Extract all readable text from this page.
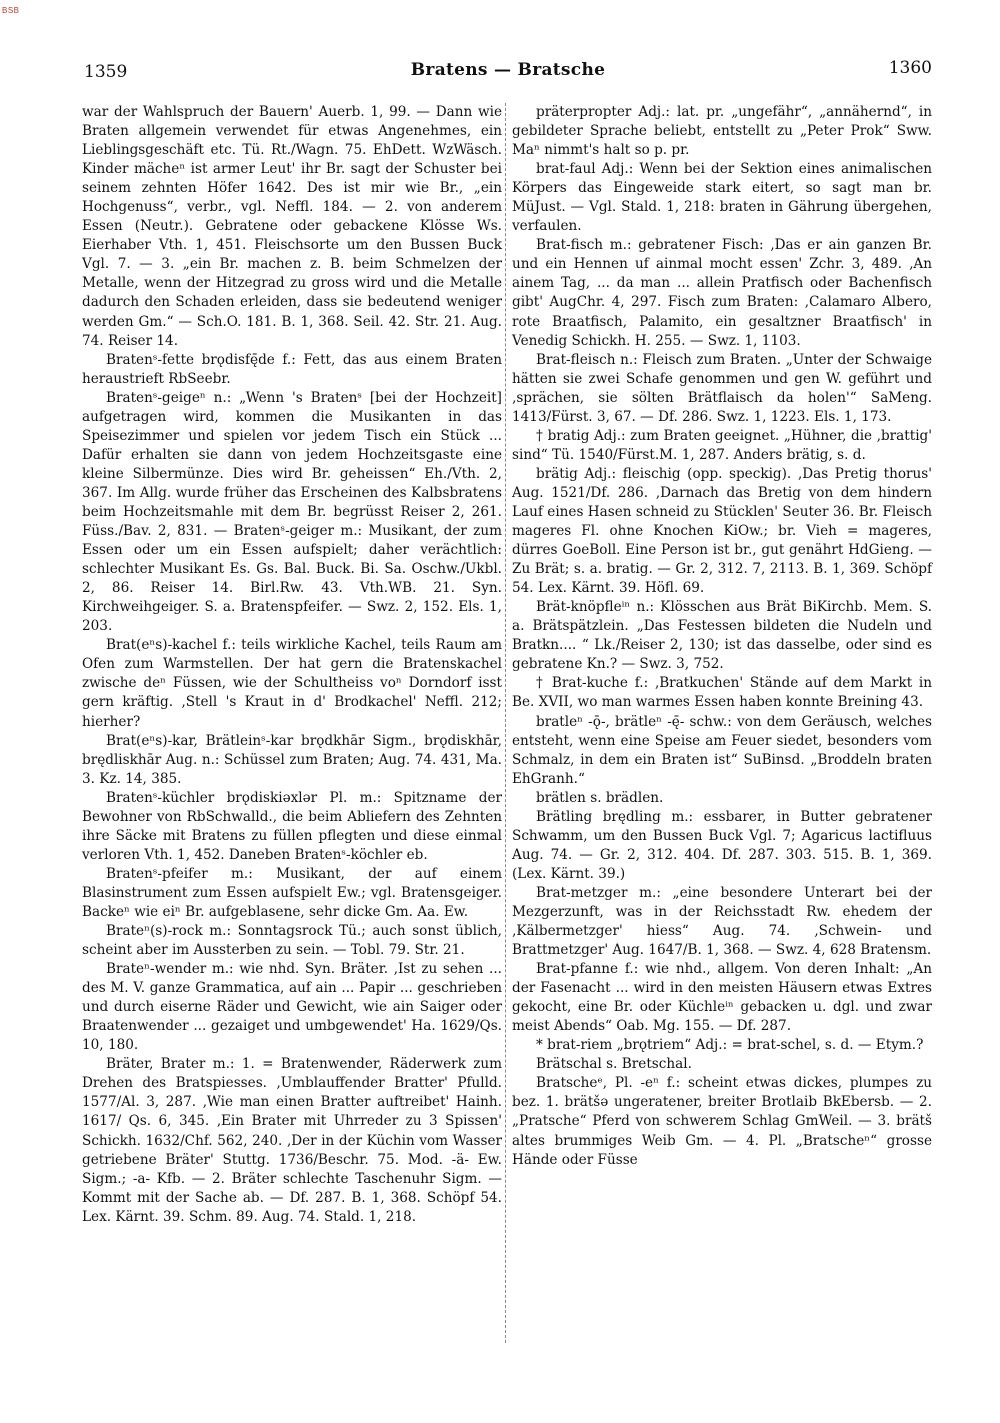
BSB
1359	Bratens — Bratsche	1360

war der Wahlspruch der Bauern' Auerb. 1, 99. — Dann wie Braten allgemein verwendet für etwas Angenehmes, ein Lieblingsgeschäft etc. Tü. Rt./Wagn. 75. EhDett. WzWäsch. Kinder mächeⁿ ist armer Leut' ihr Br. sagt der Schuster bei seinem zehnten Höfer 1642. Des ist mir wie Br., „ein Hochgenuss“, verbr., vgl. Neffl. 184. — 2. von anderem Essen (Neutr.). Gebratene oder gebackene Klösse Ws. Eierhaber Vth. 1, 451. Fleischsorte um den Bussen Buck Vgl. 7. — 3. „ein Br. machen z. B. beim Schmelzen der Metalle, wenn der Hitzegrad zu gross wird und die Metalle dadurch den Schaden erleiden, dass sie bedeutend weniger werden Gm.“ — Sch.O. 181. B. 1, 368. Seil. 42. Str. 21. Aug. 74. Reiser 14.

Bratenˢ-fette brǫdisfę̄de f.: Fett, das aus einem Braten heraustrieft RbSeebr.

Bratenˢ-geigeⁿ n.: „Wenn 's Bratenˢ [bei der Hochzeit] aufgetragen wird, kommen die Musikanten in das Speisezimmer und spielen vor jedem Tisch ein Stück ... Dafür erhalten sie dann von jedem Hochzeitsgaste eine kleine Silbermünze. Dies wird Br. geheissen“ Eh./Vth. 2, 367. Im Allg. wurde früher das Erscheinen des Kalbsbratens beim Hochzeitsmahle mit dem Br. begrüsst Reiser 2, 261. Füss./Bav. 2, 831. — Bratenˢ-geiger m.: Musikant, der zum Essen oder um ein Essen aufspielt; daher verächtlich: schlechter Musikant Es. Gs. Bal. Buck. Bi. Sa. Oschw./Ukbl. 2, 86. Reiser 14. Birl.Rw. 43. Vth.WB. 21. Syn. Kirchweihgeiger. S. a. Bratenspfeifer. — Swz. 2, 152. Els. 1, 203.

Brat(eⁿs)-kachel f.: teils wirkliche Kachel, teils Raum am Ofen zum Warmstellen. Der hat gern die Bratenskachel zwische deⁿ Füssen, wie der Schultheiss voⁿ Dorndorf isst gern kräftig. ‚Stell 's Kraut in d' Brodkachel' Neffl. 212; hierher?

Brat(eⁿs)-kar, Brätleinˢ-kar brǫdkhār Sigm., brǫdiskhār, brędliskhār Aug. n.: Schüssel zum Braten; Aug. 74. 431, Ma. 3. Kz. 14, 385.

Bratenˢ-küchler brǫdiskiəxlər Pl. m.: Spitzname der Bewohner von RbSchwalld., die beim Abliefern des Zehnten ihre Säcke mit Bratens zu füllen pflegten und diese einmal verloren Vth. 1, 452. Daneben Bratenˢ-köchler eb.

Bratenˢ-pfeifer m.: Musikant, der auf einem Blasinstrument zum Essen aufspielt Ew.; vgl. Bratensgeiger. Backeⁿ wie eiⁿ Br. aufgeblasene, sehr dicke Gm. Aa. Ew.

Brateⁿ(s)-rock m.: Sonntagsrock Tü.; auch sonst üblich, scheint aber im Aussterben zu sein. — Tobl. 79. Str. 21.

Brateⁿ-wender m.: wie nhd. Syn. Bräter. ‚Ist zu sehen ... des M. V. ganze Grammatica, auf ain ... Papir ... geschrieben und durch eiserne Räder und Gewicht, wie ain Saiger oder Braatenwender ... gezaiget und umbgewendet' Ha. 1629/Qs. 10, 180.

Bräter, Brater m.: 1. = Bratenwender, Räderwerk zum Drehen des Bratspiesses. ‚Umblauffender Bratter' Pfulld. 1577/Al. 3, 287. ‚Wie man einen Bratter auftreibet' Hainh. 1617/ Qs. 6, 345. ‚Ein Brater mit Uhrreder zu 3 Spissen' Schickh. 1632/Chf. 562, 240. ‚Der in der Küchin vom Wasser getriebene Bräter' Stuttg. 1736/Beschr. 75. Mod. -ä- Ew. Sigm.; -a- Kfb. — 2. Bräter schlechte Taschenuhr Sigm. — Kommt mit der Sache ab. — Df. 287. B. 1, 368. Schöpf 54. Lex. Kärnt. 39. Schm. 89. Aug. 74. Stald. 1, 218.

präterpropter Adj.: lat. pr. „ungefähr“, „annähernd“, in gebildeter Sprache beliebt, entstellt zu „Peter Prok“ Sww. Maⁿ nimmt's halt so p. pr.

brat-faul Adj.: Wenn bei der Sektion eines animalischen Körpers das Eingeweide stark eitert, so sagt man br. MüJust. — Vgl. Stald. 1, 218: braten in Gährung übergehen, verfaulen.

Brat-fisch m.: gebratener Fisch: ‚Das er ain ganzen Br. und ein Hennen uf ainmal mocht essen' Zchr. 3, 489. ‚An ainem Tag, ... da man ... allein Pratfisch oder Bachenfisch gibt' AugChr. 4, 297. Fisch zum Braten: ‚Calamaro Albero, rote Braatfisch, Palamito, ein gesaltzner Braatfisch' in Venedig Schickh. H. 255. — Swz. 1, 1103.

Brat-fleisch n.: Fleisch zum Braten. „Unter der Schwaige hätten sie zwei Schafe genommen und gen W. geführt und ‚sprächen, sie sölten Brätflaisch da holen'“ SaMeng. 1413/Fürst. 3, 67. — Df. 286. Swz. 1, 1223. Els. 1, 173.

† bratig Adj.: zum Braten geeignet. „Hühner, die ‚brattig' sind“ Tü. 1540/Fürst.M. 1, 287. Anders brätig, s. d.

brätig Adj.: fleischig (opp. speckig). ‚Das Pretig thorus' Aug. 1521/Df. 286. ‚Darnach das Bretig von dem hindern Lauf eines Hasen schneid zu Stücklen' Seuter 36. Br. Fleisch mageres Fl. ohne Knochen KiOw.; br. Vieh = mageres, dürres GoeBoll. Eine Person ist br., gut genährt HdGieng. — Zu Brät; s. a. bratig. — Gr. 2, 312. 7, 2113. B. 1, 369. Schöpf 54. Lex. Kärnt. 39. Höfl. 69.

Brät-knöpfleⁱⁿ n.: Klösschen aus Brät BiKirchb. Mem. S. a. Brätspätzlein. „Das Festessen bildeten die Nudeln und Bratkn.... “ Lk./Reiser 2, 130; ist das dasselbe, oder sind es gebratene Kn.? — Swz. 3, 752.

† Brat-kuche f.: ‚Bratkuchen' Stände auf dem Markt in Be. XVII, wo man warmes Essen haben konnte Breining 43.

bratleⁿ -ǭ-, brätleⁿ -ę̄- schw.: von dem Geräusch, welches entsteht, wenn eine Speise am Feuer siedet, besonders vom Schmalz, in dem ein Braten ist“ SuBinsd. „Broddeln braten EhGranh.“

brätlen s. brädlen.

Brätling brędling m.: essbarer, in Butter gebratener Schwamm, um den Bussen Buck Vgl. 7; Agaricus lactifluus Aug. 74. — Gr. 2, 312. 404. Df. 287. 303. 515. B. 1, 369. (Lex. Kärnt. 39.)

Brat-metzger m.: „eine besondere Unterart bei der Mezgerzunft, was in der Reichsstadt Rw. ehedem der ‚Kälbermetzger' hiess“ Aug. 74. ‚Schwein- und Brattmetzger' Aug. 1647/B. 1, 368. — Swz. 4, 628 Bratensm.

Brat-pfanne f.: wie nhd., allgem. Von deren Inhalt: „An der Fasenacht ... wird in den meisten Häusern etwas Extres gekocht, eine Br. oder Küchleⁱⁿ gebacken u. dgl. und zwar meist Abends“ Oab. Mg. 155. — Df. 287.

* brat-riem „brǫtriem“ Adj.: = brat-schel, s. d. — Etym.?

Brätschal s. Bretschal.

Bratscheᵉ, Pl. -eⁿ f.: scheint etwas dickes, plumpes zu bez. 1. brätšə ungeratener, breiter Brotlaib BkEbersb. — 2. „Pratsche“ Pferd von schwerem Schlag GmWeil. — 3. brätš altes brummiges Weib Gm. — 4. Pl. „Bratscheⁿ“ grosse Hände oder Füsse
